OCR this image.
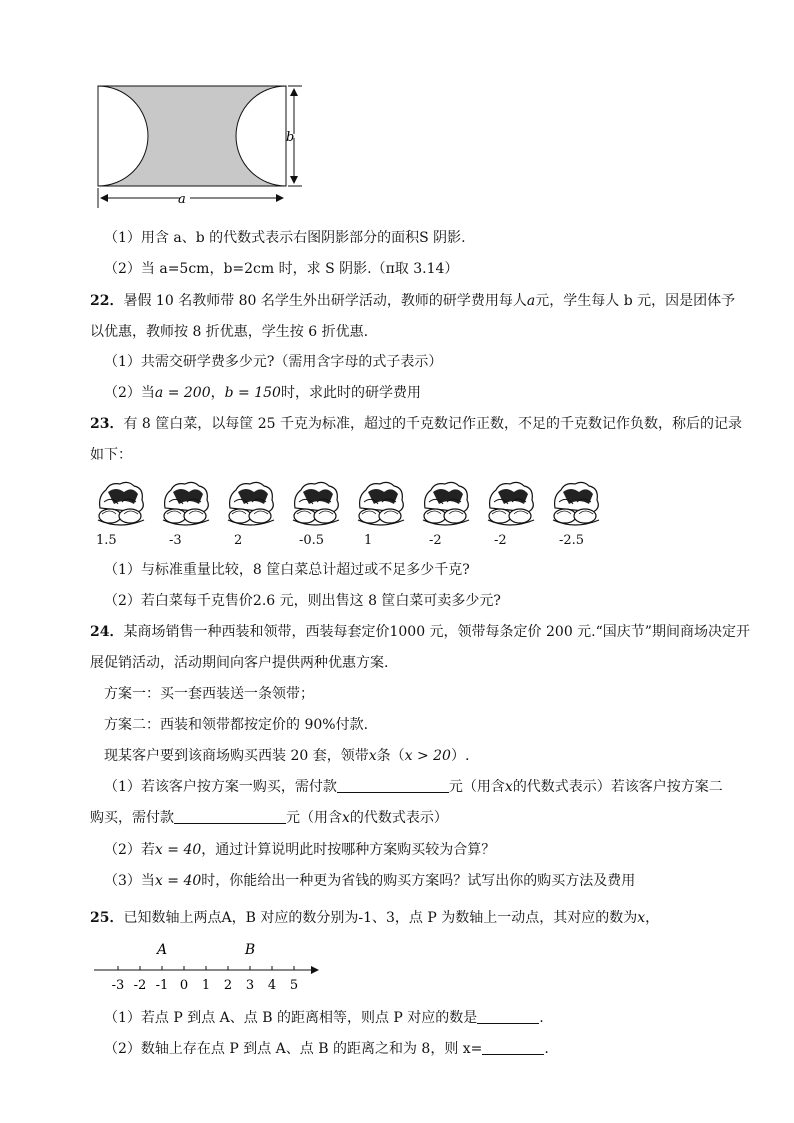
b
a
（1）用含 a、b 的代数式表示右图阴影部分的面积S 阴影.
（2）当 a=5cm，b=2cm 时，求 S 阴影.（π取 3.14）
22．暑假 10 名教师带 80 名学生外出研学活动，教师的研学费用每人a元，学生每人 b 元，因是团体予
以优惠，教师按 8 折优惠，学生按 6 折优惠.
（1）共需交研学费多少元?（需用含字母的式子表示）
（2）当a = 200，b = 150时，求此时的研学费用
23．有 8 筐白菜，以每筐 25 千克为标准，超过的千克数记作正数，不足的千克数记作负数，称后的记录
如下：
1.5	-3	2	-0.5	1	-2	-2	-2.5
（1）与标准重量比较，8 筐白菜总计超过或不足多少千克?
（2）若白菜每千克售价2.6 元，则出售这 8 筐白菜可卖多少元?
24．某商场销售一种西装和领带，西装每套定价1000 元，领带每条定价 200 元.“国庆节”期间商场决定开
展促销活动，活动期间向客户提供两种优惠方案.
方案一：买一套西装送一条领带；
方案二：西装和领带都按定价的 90%付款.
现某客户要到该商场购买西装 20 套，领带x条（x > 20）.
（1）若该客户按方案一购买，需付款	元（用含x的代数式表示）若该客户按方案二
购买，需付款	元（用含x的代数式表示）
（2）若x = 40，通过计算说明此时按哪种方案购买较为合算？
（3）当x = 40时，你能给出一种更为省钱的购买方案吗？试写出你的购买方法及费用
25．已知数轴上两点A，B 对应的数分别为-1、3，点 P 为数轴上一动点，其对应的数为x，
-3 -2 -1 0 1 2 3 4 5
A	B
（1）若点 P 到点 A、点 B 的距离相等，则点 P 对应的数是	.
（2）数轴上存在点 P 到点 A、点 B 的距离之和为 8，则 x=	.
